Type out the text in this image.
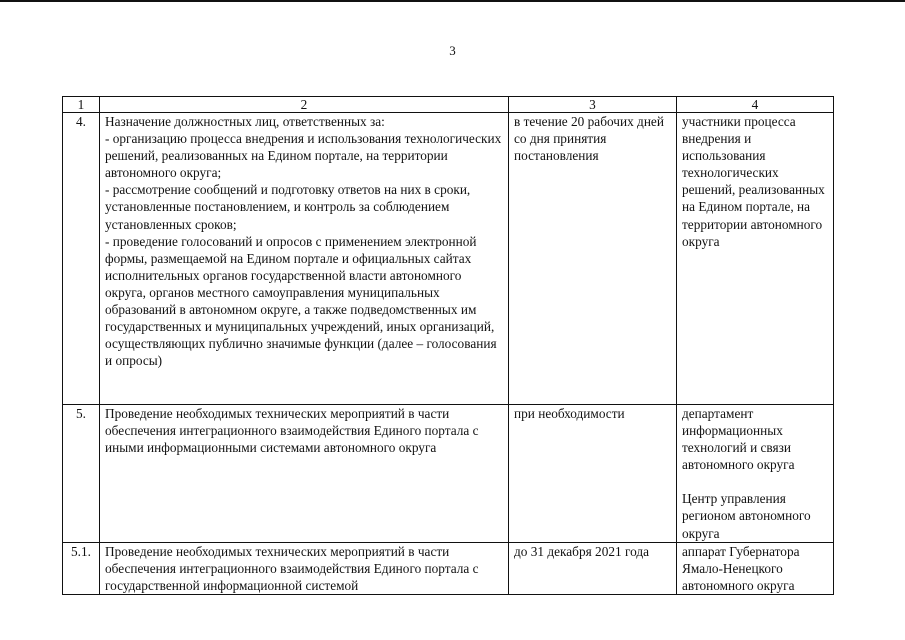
3
1	2	3	4
4.	Назначение должностных лиц, ответственных за:
- организацию процесса внедрения и использования технологических решений, реализованных на Едином портале, на территории автономного округа;
- рассмотрение сообщений и подготовку ответов на них в сроки, установленные постановлением, и контроль за соблюдением установленных сроков;
- проведение голосований и опросов с применением электронной формы, размещаемой на Едином портале и официальных сайтах исполнительных органов государственной власти автономного округа, органов местного самоуправления муниципальных образований в автономном округе, а также подведомственных им государственных и муниципальных учреждений, иных организаций, осуществляющих публично значимые функции (далее – голосования и опросы)	в течение 20 рабочих дней со дня принятия постановления	участники процесса внедрения и использования технологических решений, реализованных на Едином портале, на территории автономного округа

5.	Проведение необходимых технических мероприятий в части обеспечения интеграционного взаимодействия Единого портала с иными информационными системами автономного округа	при необходимости	департамент информационных технологий и связи автономного округа
Центр управления регионом автономного округа

5.1.	Проведение необходимых технических мероприятий в части обеспечения интеграционного взаимодействия Единого портала с государственной информационной системой	до 31 декабря 2021 года	аппарат Губернатора Ямало-Ненецкого автономного округа
